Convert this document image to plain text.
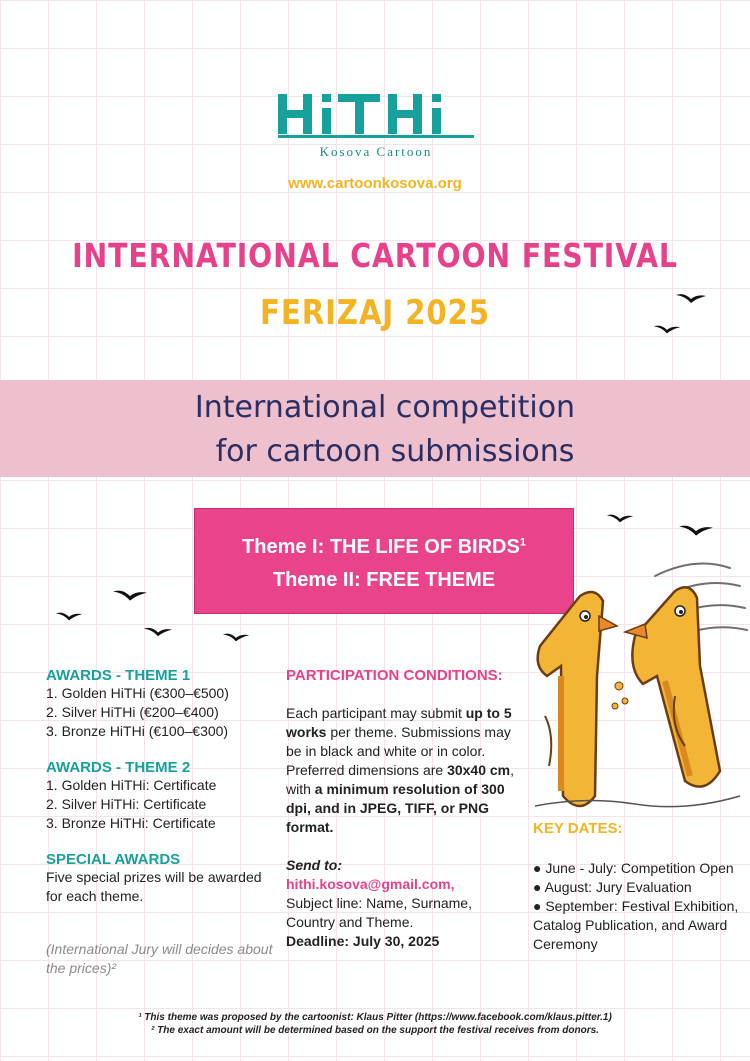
Kosova Cartoon
www.cartoonkosova.org
INTERNATIONAL CARTOON FESTIVAL
FERIZAJ 2025
International competition
for cartoon submissions
Theme I: THE LIFE OF BIRDS$^1$
Theme II: FREE THEME
AWARDS - THEME 1
1. Golden HiTHi (€300–€500)
2. Silver HiTHi (€200–€400)
3. Bronze HiTHi (€100–€300)
AWARDS - THEME 2
1. Golden HiTHi: Certificate
2. Silver HiTHi: Certificate
3. Bronze HiTHi: Certificate
SPECIAL AWARDS
Five special prizes will be awarded for each theme.
(International Jury will decides about the prices)²
PARTICIPATION CONDITIONS:
Each participant may submit up to 5 works per theme. Submissions may be in black and white or in color. Preferred dimensions are 30x40 cm, with a minimum resolution of 300 dpi, and in JPEG, TIFF, or PNG format.
Send to:
hithi.kosova@gmail.com,
Subject line: Name, Surname, Country and Theme.
Deadline: July 30, 2025
KEY DATES:
● June - July: Competition Open
● August: Jury Evaluation
● September: Festival Exhibition, Catalog Publication, and Award Ceremony
¹ This theme was proposed by the cartoonist: Klaus Pitter (https://www.facebook.com/klaus.pitter.1)
² The exact amount will be determined based on the support the festival receives from donors.
